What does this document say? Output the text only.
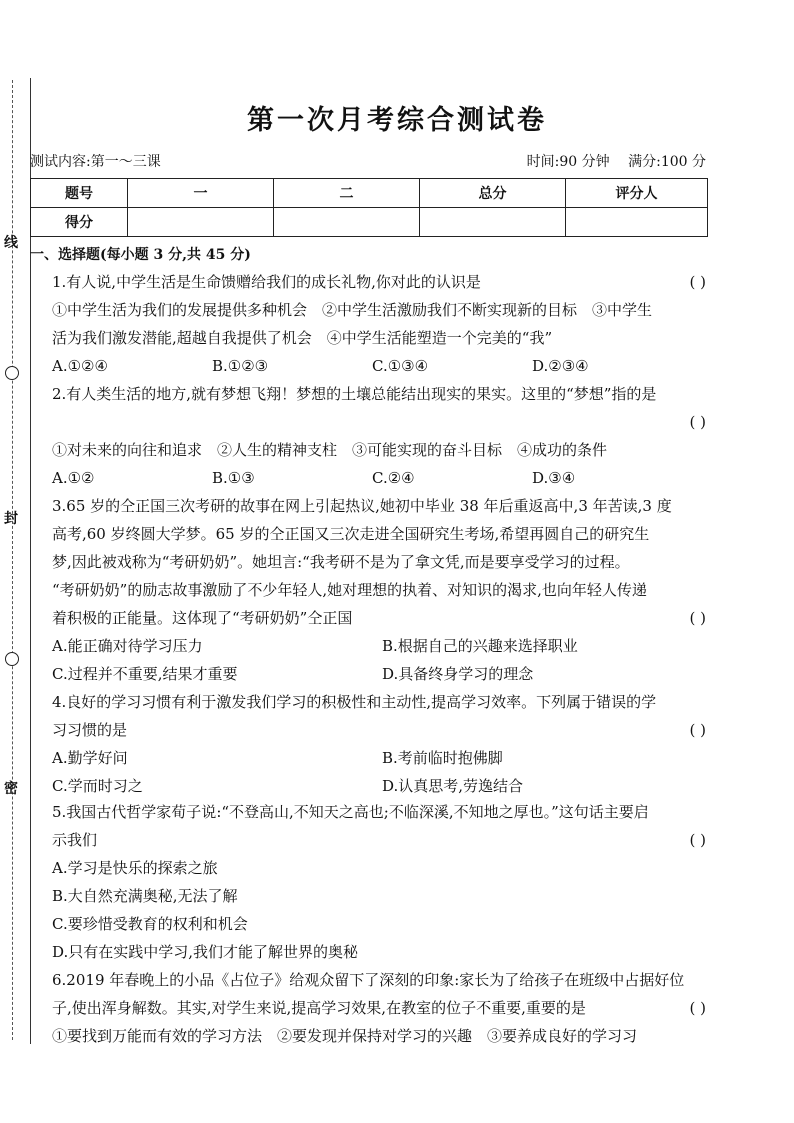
线
封
密
第一次月考综合测试卷
测试内容:第一～三课	时间:90 分钟 满分:100 分
题号	一	二	总分	评分人
得分				
一、选择题(每小题 3 分,共 45 分)
1.有人说,中学生活是生命馈赠给我们的成长礼物,你对此的认识是	( )
①中学生活为我们的发展提供多种机会　②中学生活激励我们不断实现新的目标　③中学生
活为我们激发潜能,超越自我提供了机会　④中学生活能塑造一个完美的“我”
A.①②④	B.①②③	C.①③④	D.②③④
2.有人类生活的地方,就有梦想飞翔！梦想的土壤总能结出现实的果实。这里的“梦想”指的是
( )
①对未来的向往和追求　②人生的精神支柱　③可能实现的奋斗目标　④成功的条件
A.①②	B.①③	C.②④	D.③④
3.65 岁的仝正国三次考研的故事在网上引起热议,她初中毕业 38 年后重返高中,3 年苦读,3 度
高考,60 岁终圆大学梦。65 岁的仝正国又三次走进全国研究生考场,希望再圆自己的研究生
梦,因此被戏称为“考研奶奶”。她坦言:“我考研不是为了拿文凭,而是要享受学习的过程。
“考研奶奶”的励志故事激励了不少年轻人,她对理想的执着、对知识的渴求,也向年轻人传递
着积极的正能量。这体现了“考研奶奶”仝正国	( )
A.能正确对待学习压力	B.根据自己的兴趣来选择职业
C.过程并不重要,结果才重要	D.具备终身学习的理念
4.良好的学习习惯有利于激发我们学习的积极性和主动性,提高学习效率。下列属于错误的学
习习惯的是	( )
A.勤学好问	B.考前临时抱佛脚
C.学而时习之	D.认真思考,劳逸结合
5.我国古代哲学家荀子说:“不登高山,不知天之高也;不临深溪,不知地之厚也。”这句话主要启
示我们	( )
A.学习是快乐的探索之旅
B.大自然充满奥秘,无法了解
C.要珍惜受教育的权利和机会
D.只有在实践中学习,我们才能了解世界的奥秘
6.2019 年春晚上的小品《占位子》给观众留下了深刻的印象:家长为了给孩子在班级中占据好位
子,使出浑身解数。其实,对学生来说,提高学习效果,在教室的位子不重要,重要的是	( )
①要找到万能而有效的学习方法　②要发现并保持对学习的兴趣　③要养成良好的学习习
